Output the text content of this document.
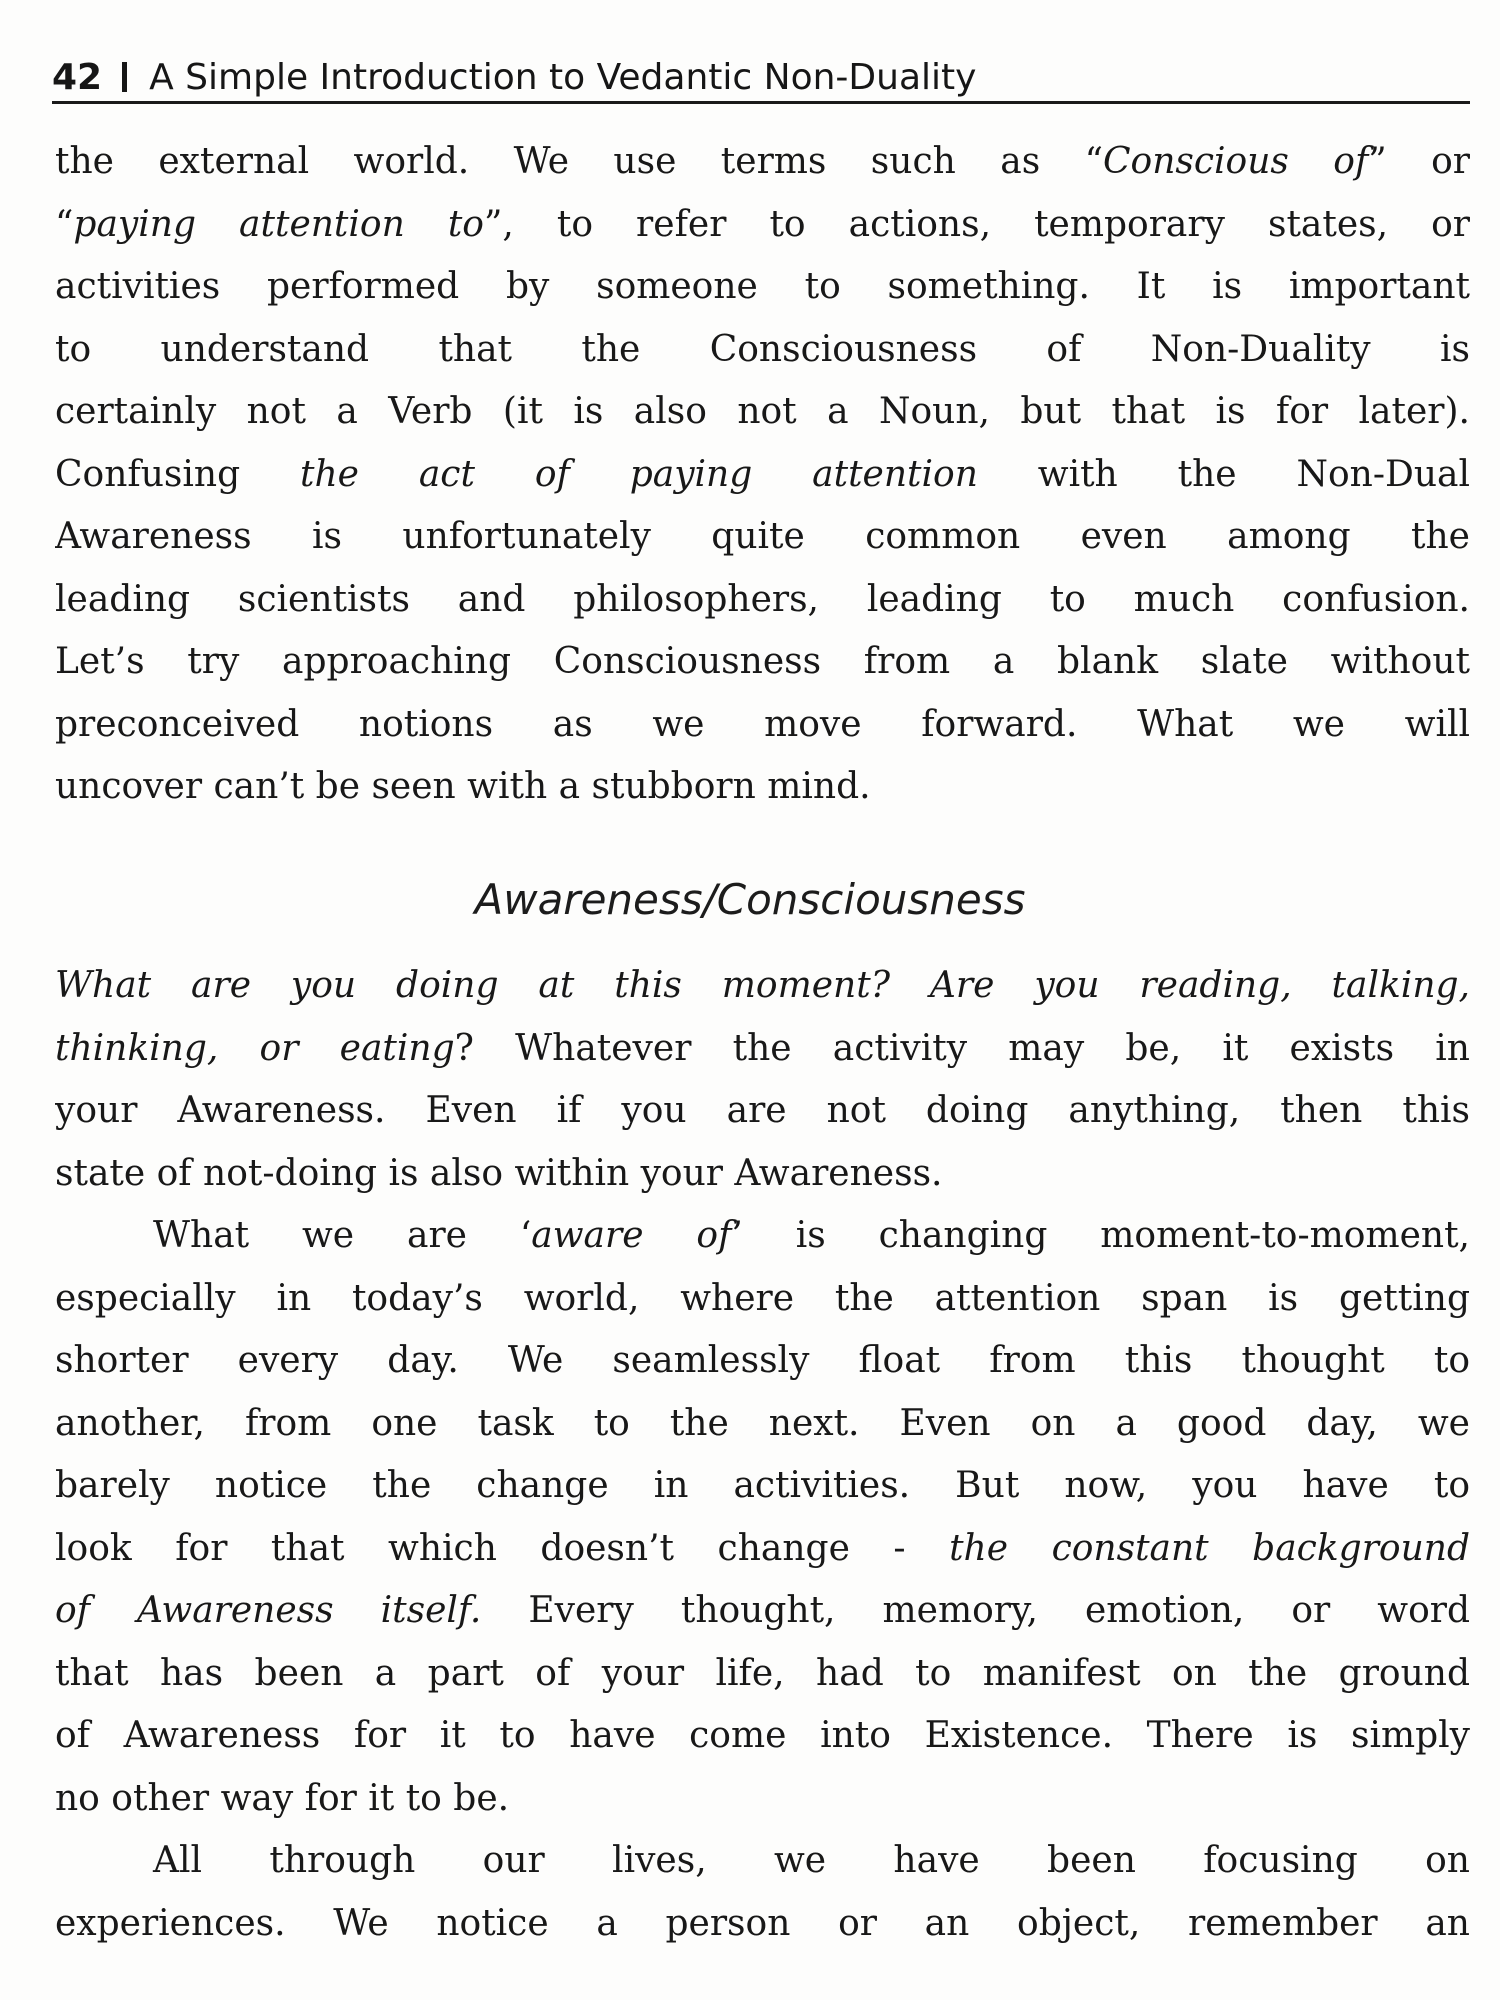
42 A Simple Introduction to Vedantic Non-Duality
the external world. We use terms such as “Conscious of” or
“paying attention to”, to refer to actions, temporary states, or
activities performed by someone to something. It is important
to understand that the Consciousness of Non-Duality is
certainly not a Verb (it is also not a Noun, but that is for later).
Confusing the act of paying attention with the Non-Dual
Awareness is unfortunately quite common even among the
leading scientists and philosophers, leading to much confusion.
Let’s try approaching Consciousness from a blank slate without
preconceived notions as we move forward. What we will
uncover can’t be seen with a stubborn mind.
Awareness/Consciousness
What are you doing at this moment? Are you reading, talking,
thinking, or eating? Whatever the activity may be, it exists in
your Awareness. Even if you are not doing anything, then this
state of not-doing is also within your Awareness.
What we are ‘aware of’ is changing moment-to-moment,
especially in today’s world, where the attention span is getting
shorter every day. We seamlessly float from this thought to
another, from one task to the next. Even on a good day, we
barely notice the change in activities. But now, you have to
look for that which doesn’t change - the constant background
of Awareness itself. Every thought, memory, emotion, or word
that has been a part of your life, had to manifest on the ground
of Awareness for it to have come into Existence. There is simply
no other way for it to be.
All through our lives, we have been focusing on
experiences. We notice a person or an object, remember an
